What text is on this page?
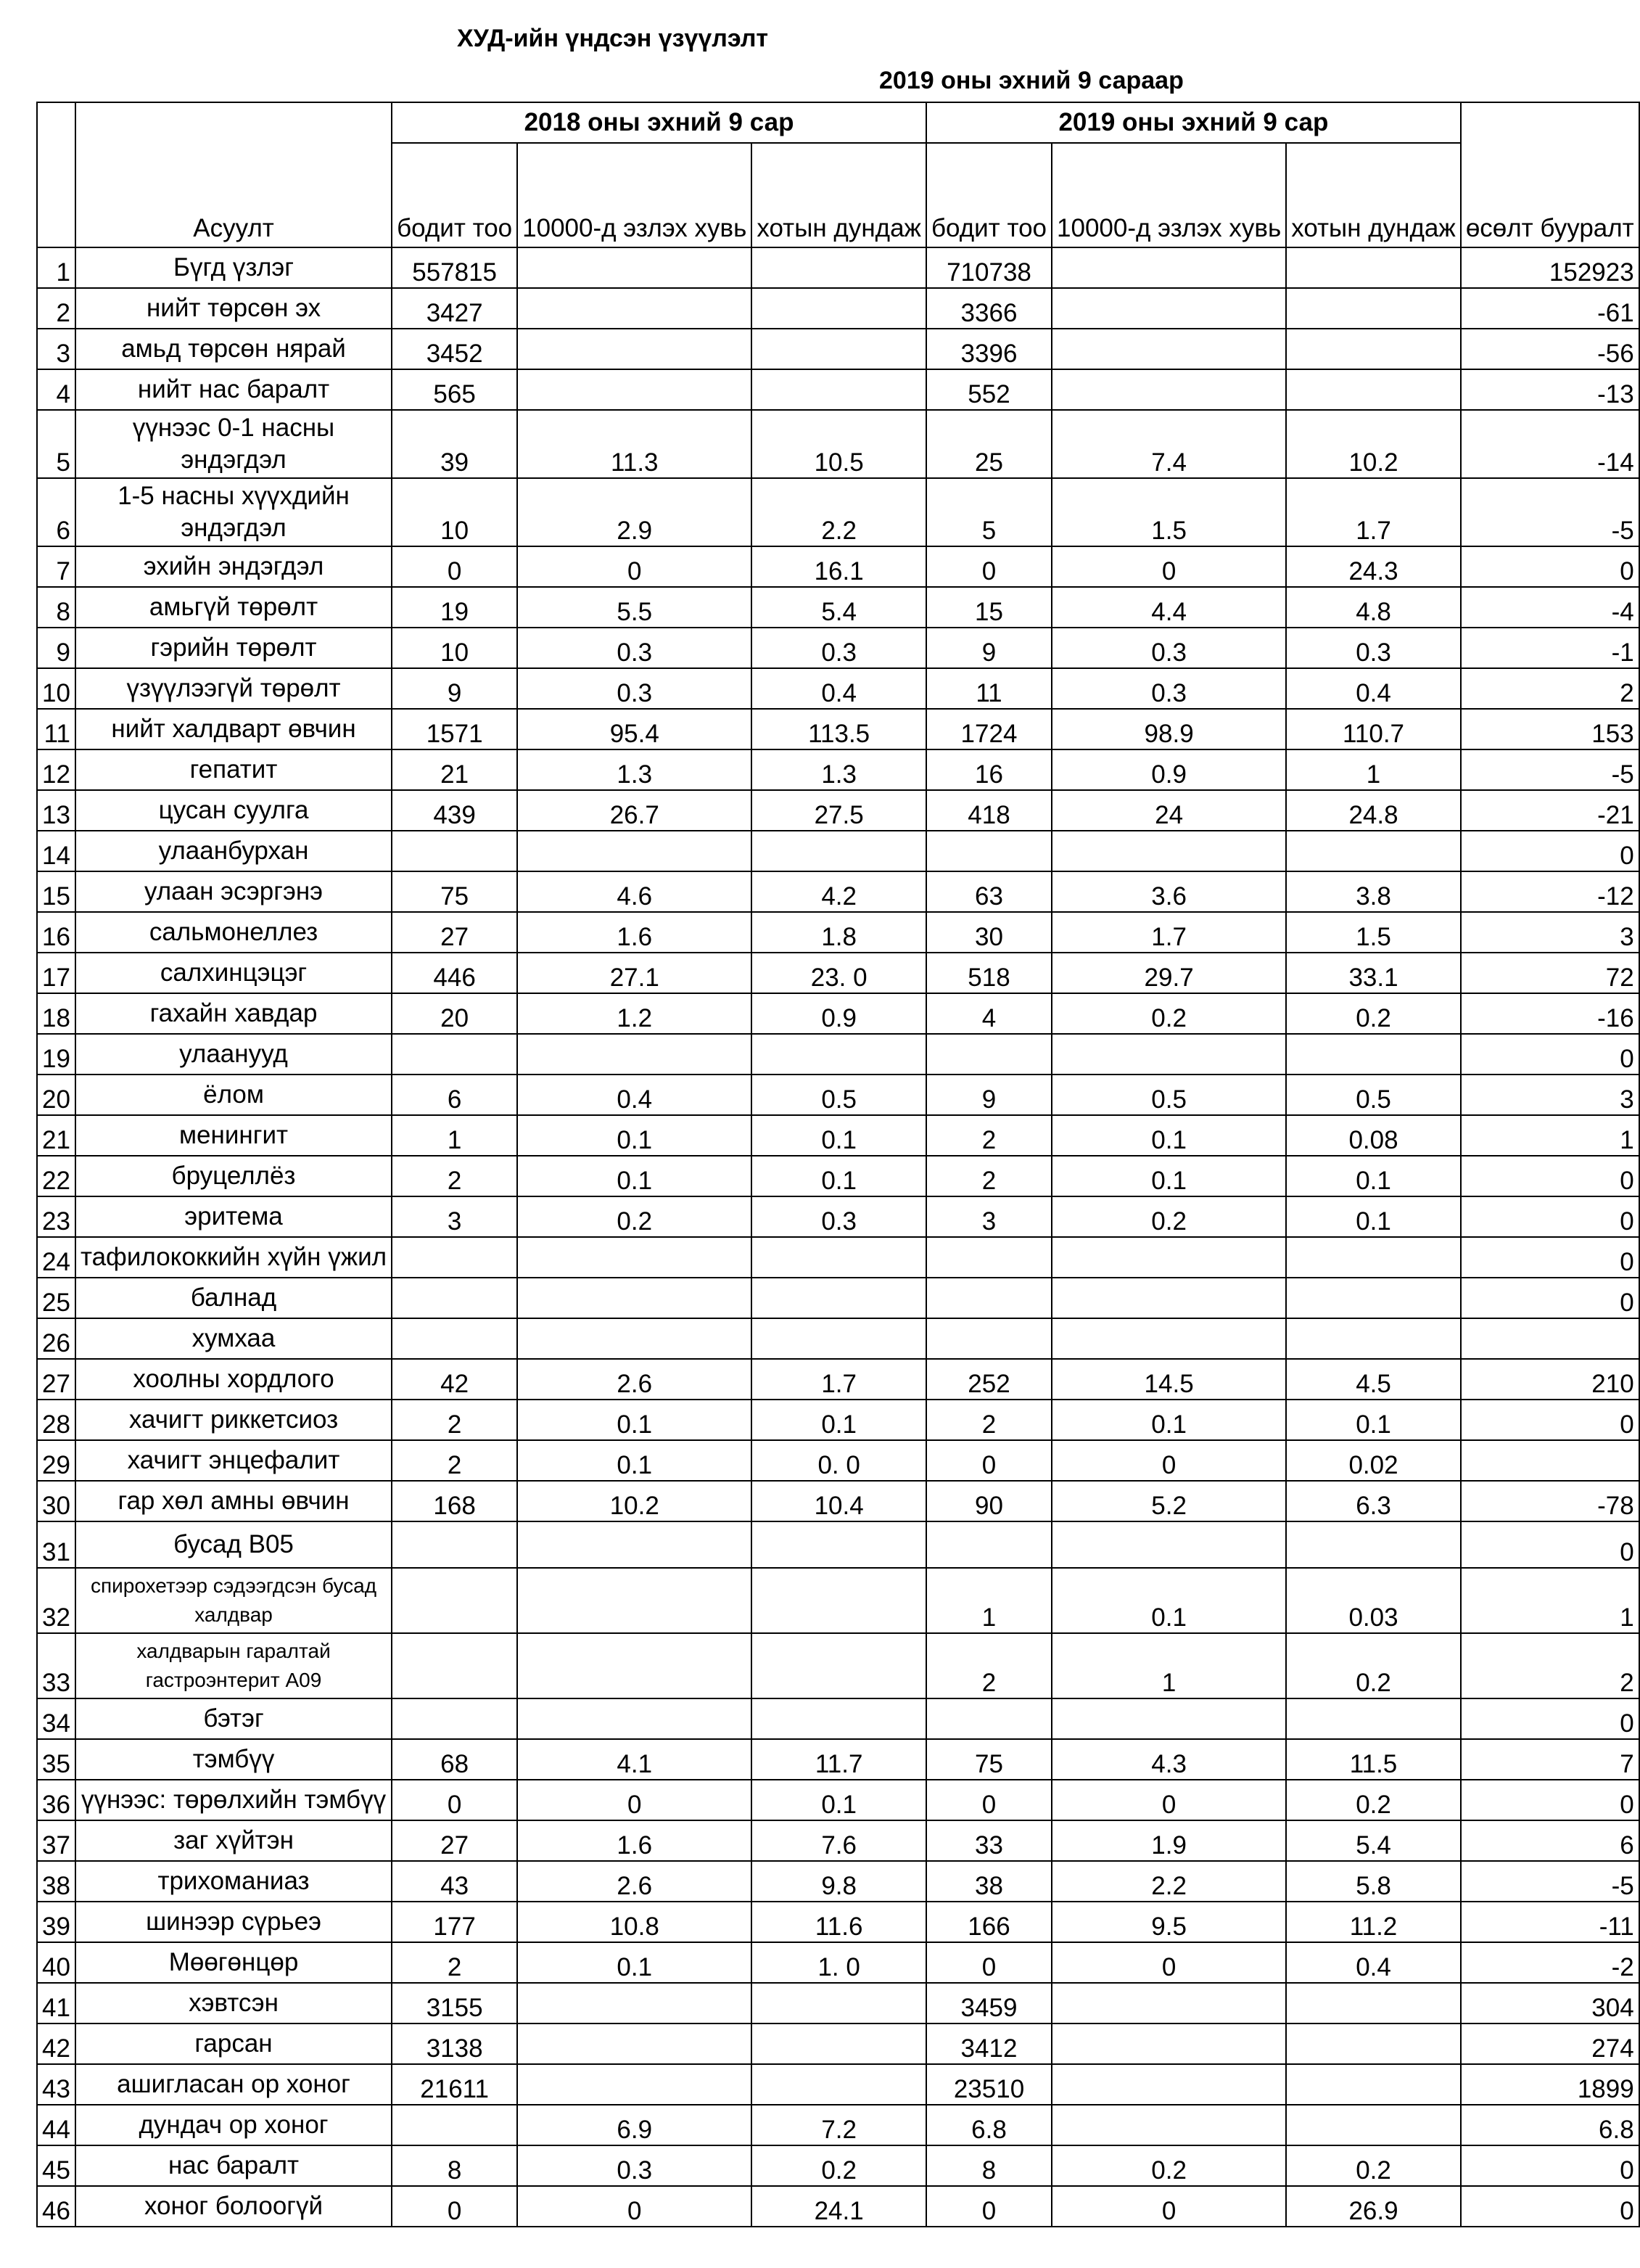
ХУД-ийн үндсэн үзүүлэлт
2019 оны эхний 9 сараар
	Асуулт	2018 оны эхний 9 сар			2019 оны эхний 9 сар			өсөлт бууралт
		бодит тоо	10000-д эзлэх хувь	хотын дундаж	бодит тоо	10000-д эзлэх хувь	хотын дундаж	
1	Бүгд үзлэг	557815			710738			152923
2	нийт төрсөн эх	3427			3366			-61
3	амьд төрсөн нярай	3452			3396			-56
4	нийт нас баралт	565			552			-13
5	үүнээс 0-1 насны эндэгдэл	39	11.3	10.5	25	7.4	10.2	-14
6	1-5 насны хүүхдийн эндэгдэл	10	2.9	2.2	5	1.5	1.7	-5
7	эхийн эндэгдэл	0	0	16.1	0	0	24.3	0
8	амьгүй төрөлт	19	5.5	5.4	15	4.4	4.8	-4
9	гэрийн төрөлт	10	0.3	0.3	9	0.3	0.3	-1
10	үзүүлээгүй төрөлт	9	0.3	0.4	11	0.3	0.4	2
11	нийт халдварт өвчин	1571	95.4	113.5	1724	98.9	110.7	153
12	гепатит	21	1.3	1.3	16	0.9	1	-5
13	цусан суулга	439	26.7	27.5	418	24	24.8	-21
14	улаанбурхан							0
15	улаан эсэргэнэ	75	4.6	4.2	63	3.6	3.8	-12
16	сальмонеллез	27	1.6	1.8	30	1.7	1.5	3
17	салхинцэцэг	446	27.1	23. 0	518	29.7	33.1	72
18	гахайн хавдар	20	1.2	0.9	4	0.2	0.2	-16
19	улаанууд							0
20	ёлом	6	0.4	0.5	9	0.5	0.5	3
21	менингит	1	0.1	0.1	2	0.1	0.08	1
22	бруцеллёз	2	0.1	0.1	2	0.1	0.1	0
23	эритема	3	0.2	0.3	3	0.2	0.1	0
24	тафилококкийн хүйн үжил							0
25	балнад							0
26	хумхаа							
27	хоолны хордлого	42	2.6	1.7	252	14.5	4.5	210
28	хачигт риккетсиоз	2	0.1	0.1	2	0.1	0.1	0
29	хачигт энцефалит	2	0.1	0. 0	0	0	0.02	
30	гар хөл амны өвчин	168	10.2	10.4	90	5.2	6.3	-78
31	бусад В05							0
32	спирохетээр сэдээгдсэн бусад халдвар				1	0.1	0.03	1
33	халдварын гаралтай гастроэнтерит А09				2	1	0.2	2
34	бэтэг							0
35	тэмбүү	68	4.1	11.7	75	4.3	11.5	7
36	үүнээс: төрөлхийн тэмбүү	0	0	0.1	0	0	0.2	0
37	заг хүйтэн	27	1.6	7.6	33	1.9	5.4	6
38	трихоманиаз	43	2.6	9.8	38	2.2	5.8	-5
39	шинээр сүрьеэ	177	10.8	11.6	166	9.5	11.2	-11
40	Мөөгөнцөр	2	0.1	1. 0	0	0	0.4	-2
41	хэвтсэн	3155			3459			304
42	гарсан	3138			3412			274
43	ашигласан ор хоног	21611			23510			1899
44	дундач ор хоног		6.9	7.2	6.8			6.8
45	нас баралт	8	0.3	0.2	8	0.2	0.2	0
46	хоног болоогүй	0	0	24.1	0	0	26.9	0
